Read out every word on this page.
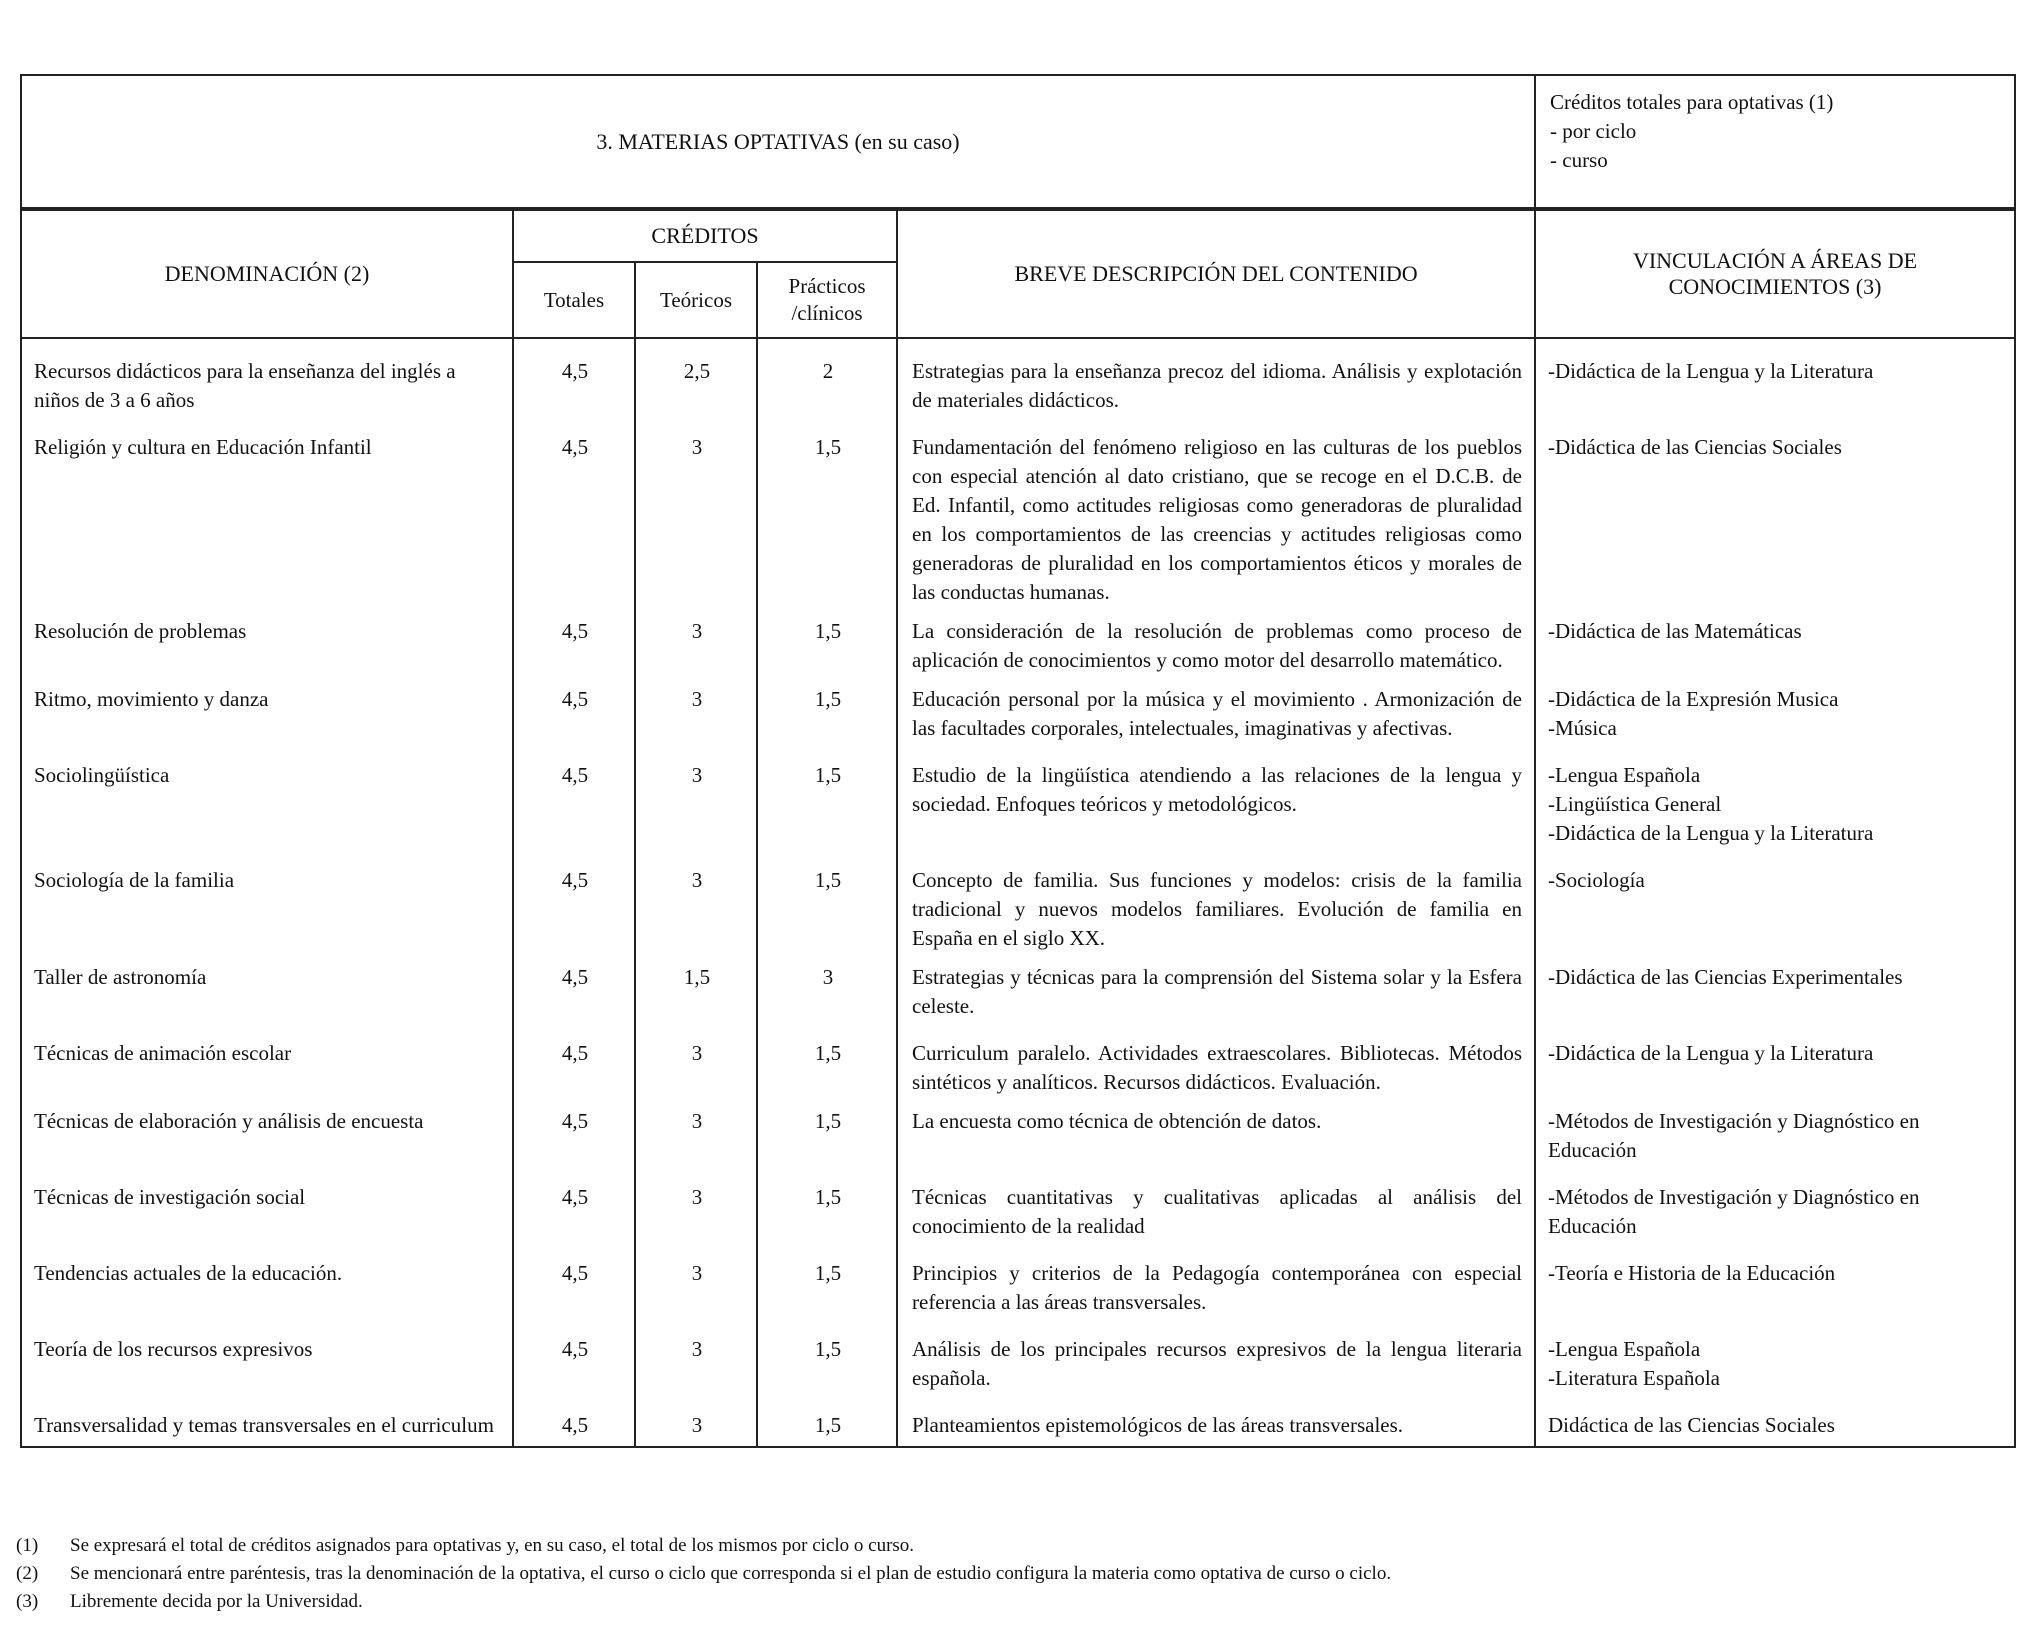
3. MATERIAS OPTATIVAS (en su caso)	
Créditos totales para optativas (1)
- por ciclo
- curso
DENOMINACIÓN (2)	CRÉDITOS			BREVE DESCRIPCIÓN DEL CONTENIDO	VINCULACIÓN A ÁREAS DE CONOCIMIENTOS (3)
	Totales	Teóricos	Prácticos /clínicos		
Recursos didácticos para la enseñanza del inglés a niños de 3 a 6 años	4,5	2,5	2	Estrategias para la enseñanza precoz del idioma. Análisis y explotación de materiales didácticos.	-Didáctica de la Lengua y la Literatura

Religión y cultura en Educación Infantil	4,5	3	1,5	Fundamentación del fenómeno religioso en las culturas de los pueblos con especial atención al dato cristiano, que se recoge en el D.C.B. de Ed. Infantil, como actitudes religiosas como generadoras de pluralidad en los comportamientos de las creencias y actitudes religiosas como generadoras de pluralidad en los comportamientos éticos y morales de las conductas humanas.	-Didáctica de las Ciencias Sociales

Resolución de problemas	4,5	3	1,5	La consideración de la resolución de problemas como proceso de aplicación de conocimientos y como motor del desarrollo matemático.	-Didáctica de las Matemáticas

Ritmo, movimiento y danza	4,5	3	1,5	Educación personal por la música y el movimiento . Armonización de las facultades corporales, intelectuales, imaginativas y afectivas.	-Didáctica de la Expresión Musica
-Música

Sociolingüística	4,5	3	1,5	Estudio de la lingüística atendiendo a las relaciones de la lengua y sociedad. Enfoques teóricos y metodológicos.	-Lengua Española
-Lingüística General
-Didáctica de la Lengua y la Literatura

Sociología de la familia	4,5	3	1,5	Concepto de familia. Sus funciones y modelos: crisis de la familia tradicional y nuevos modelos familiares. Evolución de familia en España en el siglo XX.	-Sociología

Taller de astronomía	4,5	1,5	3	Estrategias y técnicas para la comprensión del Sistema solar y la Esfera celeste.	-Didáctica de las Ciencias Experimentales

Técnicas de animación escolar	4,5	3	1,5	Curriculum paralelo. Actividades extraescolares. Bibliotecas. Métodos sintéticos y analíticos. Recursos didácticos. Evaluación.	-Didáctica de la Lengua y la Literatura

Técnicas de elaboración y análisis de encuesta	4,5	3	1,5	La encuesta como técnica de obtención de datos.	-Métodos de Investigación y Diagnóstico en Educación

Técnicas de investigación social	4,5	3	1,5	Técnicas cuantitativas y cualitativas aplicadas al análisis del conocimiento de la realidad	-Métodos de Investigación y Diagnóstico en Educación

Tendencias actuales de la educación.	4,5	3	1,5	Principios y criterios de la Pedagogía contemporánea con especial referencia a las áreas transversales.	-Teoría e Historia de la Educación

Teoría de los recursos expresivos	4,5	3	1,5	Análisis de los principales recursos expresivos de la lengua literaria española.	-Lengua Española
-Literatura Española

Transversalidad y temas transversales en el curriculum	4,5	3	1,5	Planteamientos epistemológicos de las áreas transversales.	Didáctica de las Ciencias Sociales
(1)	Se expresará el total de créditos asignados para optativas y, en su caso, el total de los mismos por ciclo o curso.
(2)	Se mencionará entre paréntesis, tras la denominación de la optativa, el curso o ciclo que corresponda si el plan de estudio configura la materia como optativa de curso o ciclo.
(3)	Libremente decida por la Universidad.
